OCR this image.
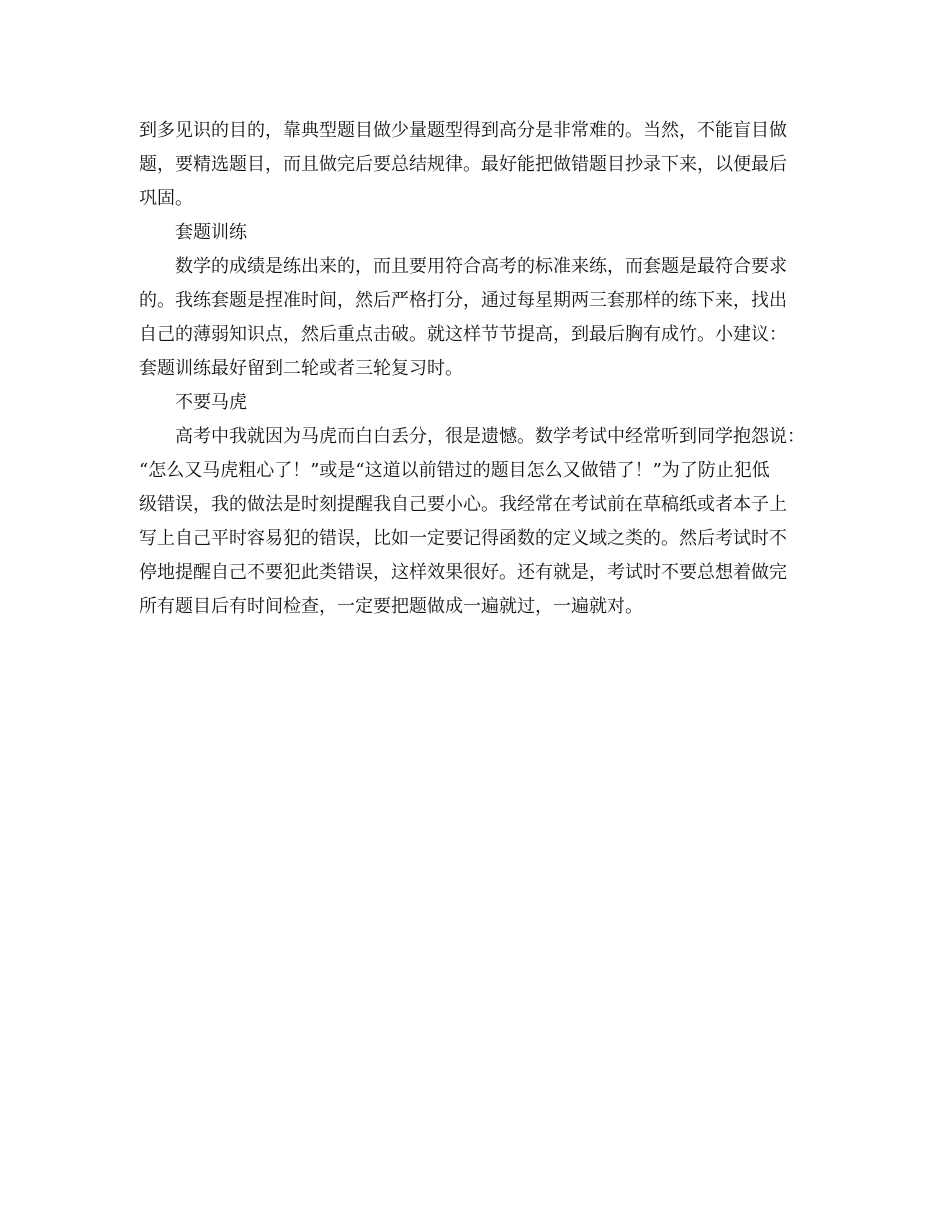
到多见识的目的，靠典型题目做少量题型得到高分是非常难的。当然，不能盲目做
题，要精选题目，而且做完后要总结规律。最好能把做错题目抄录下来，以便最后
巩固。
套题训练
数学的成绩是练出来的，而且要用符合高考的标准来练，而套题是最符合要求
的。我练套题是捏准时间，然后严格打分，通过每星期两三套那样的练下来，找出
自己的薄弱知识点，然后重点击破。就这样节节提高，到最后胸有成竹。小建议：
套题训练最好留到二轮或者三轮复习时。
不要马虎
高考中我就因为马虎而白白丢分，很是遗憾。数学考试中经常听到同学抱怨说：
“怎么又马虎粗心了！”或是“这道以前错过的题目怎么又做错了！”为了防止犯低
级错误，我的做法是时刻提醒我自己要小心。我经常在考试前在草稿纸或者本子上
写上自己平时容易犯的错误，比如一定要记得函数的定义域之类的。然后考试时不
停地提醒自己不要犯此类错误，这样效果很好。还有就是，考试时不要总想着做完
所有题目后有时间检查，一定要把题做成一遍就过，一遍就对。
